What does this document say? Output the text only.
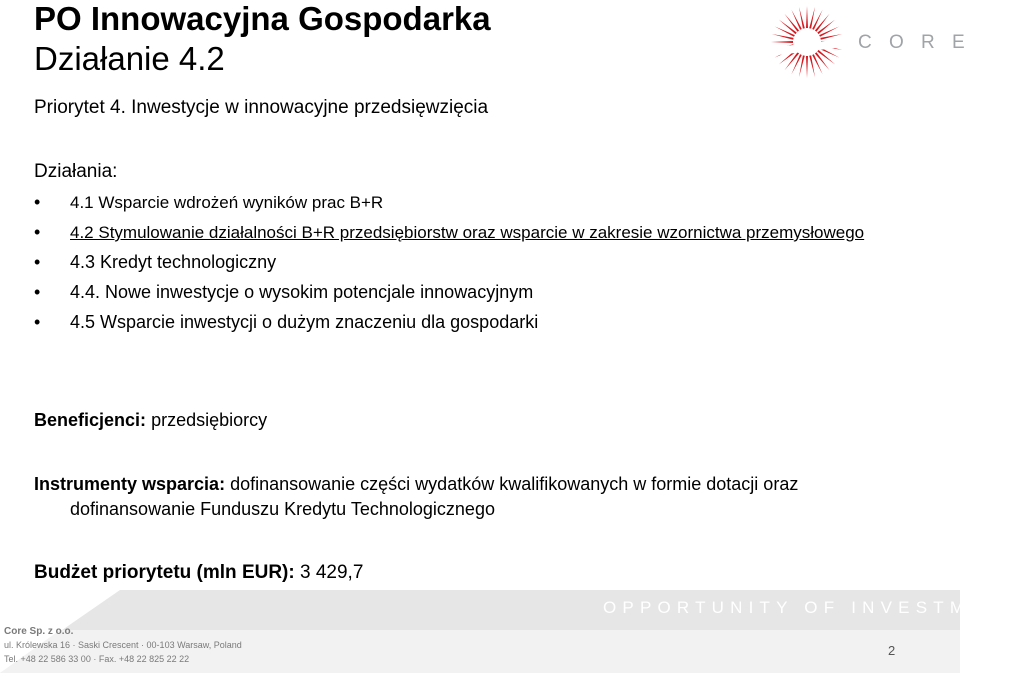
PO Innowacyjna Gospodarka
Działanie 4.2	C O R E
Priorytet 4. Inwestycje w innowacyjne przedsięwzięcia
Działania:
• 4.1 Wsparcie wdrożeń wyników prac B+R
• 4.2 Stymulowanie działalności B+R przedsiębiorstw oraz wsparcie w zakresie wzornictwa przemysłowego
• 4.3 Kredyt technologiczny
• 4.4. Nowe inwestycje o wysokim potencjale innowacyjnym
• 4.5 Wsparcie inwestycji o dużym znaczeniu dla gospodarki
Beneficjenci: przedsiębiorcy
Instrumenty wsparcia: dofinansowanie części wydatków kwalifikowanych w formie dotacji oraz
dofinansowanie Funduszu Kredytu Technologicznego
Budżet priorytetu (mln EUR): 3 429,7
OPPORTUNITY OF INVESTMENT
Core Sp. z o.o.
ul. Królewska 16 · Saski Crescent · 00-103 Warsaw, Poland
Tel. +48 22 586 33 00 · Fax. +48 22 825 22 22
2
